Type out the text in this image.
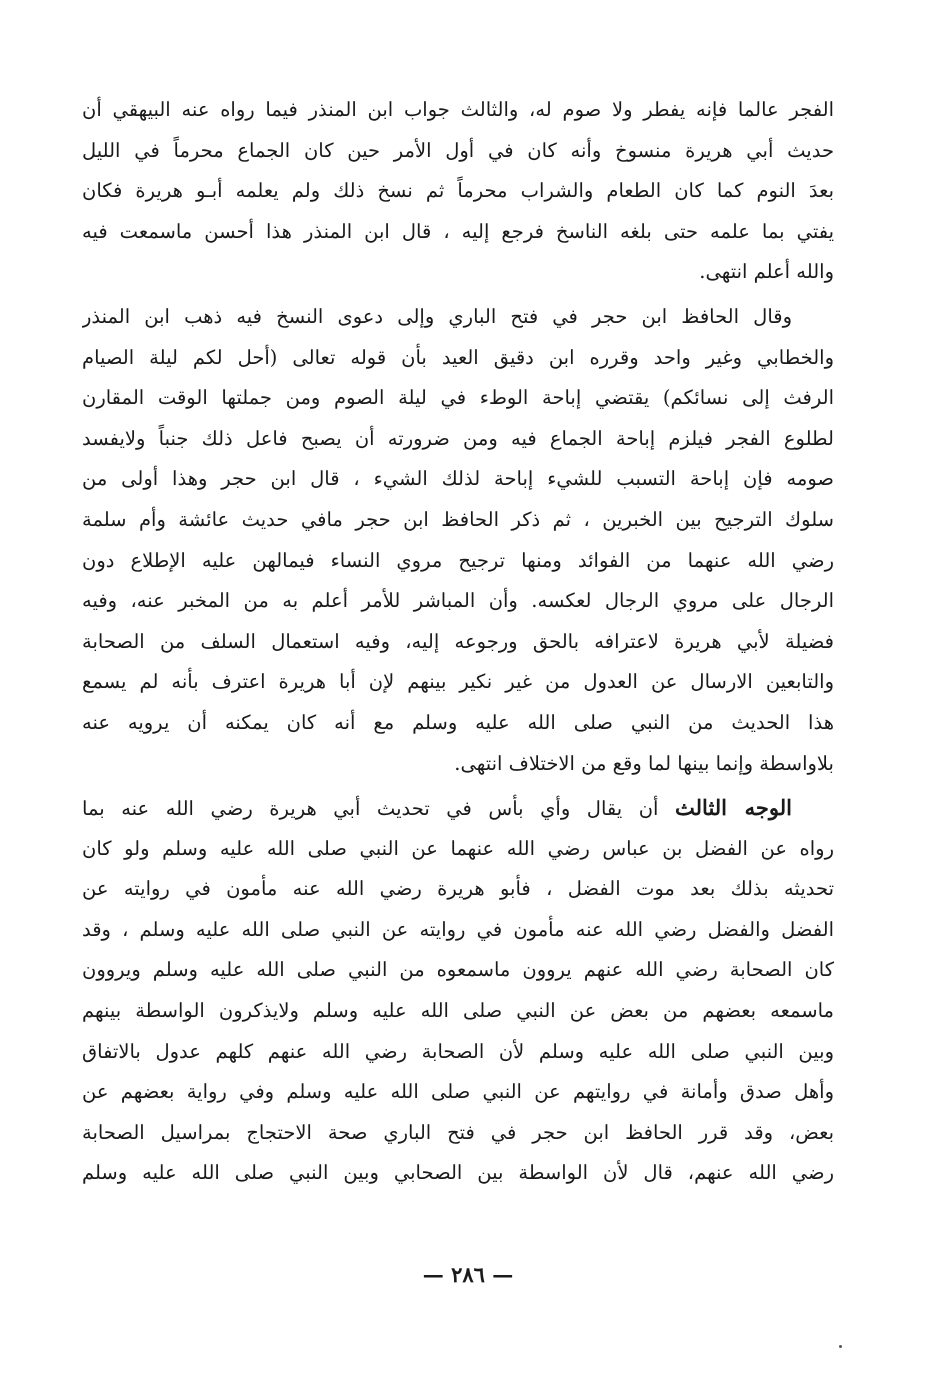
الفجر عالما فإنه يفطر ولا صوم له، والثالث جواب ابن المنذر فيما رواه عنه البيهقي أن
حديث أبي هريرة منسوخ وأنه كان في أول الأمر حين كان الجماع محرماً في الليل
بعدَ النوم كما كان الطعام والشراب محرماً ثم نسخ ذلك ولم يعلمه أبـو هريرة فكان
يفتي بما علمه حتى بلغه الناسخ فرجع إليه ، قال ابن المنذر هذا أحسن ماسمعت فيه
والله أعلم انتهى.
وقال الحافظ ابن حجر في فتح الباري وإلى دعوى النسخ فيه ذهب ابن المنذر
والخطابي وغير واحد وقرره ابن دقيق العيد بأن قوله تعالى (أحل لكم ليلة الصيام
الرفث إلى نسائكم) يقتضي إباحة الوطء في ليلة الصوم ومن جملتها الوقت المقارن
لطلوع الفجر فيلزم إباحة الجماع فيه ومن ضرورته أن يصبح فاعل ذلك جنباً ولايفسد
صومه فإن إباحة التسبب للشيء إباحة لذلك الشيء ، قال ابن حجر وهذا أولى من
سلوك الترجيح بين الخبرين ، ثم ذكر الحافظ ابن حجر مافي حديث عائشة وأم سلمة
رضي الله عنهما من الفوائد ومنها ترجيح مروي النساء فيمالهن عليه الإطلاع دون
الرجال على مروي الرجال لعكسه. وأن المباشر للأمر أعلم به من المخبر عنه، وفيه
فضيلة لأبي هريرة لاعترافه بالحق ورجوعه إليه، وفيه استعمال السلف من الصحابة
والتابعين الارسال عن العدول من غير نكير بينهم لإن أبا هريرة اعترف بأنه لم يسمع
هذا الحديث من النبي صلى الله عليه وسلم مع أنه كان يمكنه أن يرويه عنه
بلاواسطة وإنما بينها لما وقع من الاختلاف انتهى.
الوجه الثالث أن يقال وأي بأس في تحديث أبي هريرة رضي الله عنه بما
رواه عن الفضل بن عباس رضي الله عنهما عن النبي صلى الله عليه وسلم ولو كان
تحديثه بذلك بعد موت الفضل ، فأبو هريرة رضي الله عنه مأمون في روايته عن
الفضل والفضل رضي الله عنه مأمون في روايته عن النبي صلى الله عليه وسلم ، وقد
كان الصحابة رضي الله عنهم يروون ماسمعوه من النبي صلى الله عليه وسلم ويروون
ماسمعه بعضهم من بعض عن النبي صلى الله عليه وسلم ولايذكرون الواسطة بينهم
وبين النبي صلى الله عليه وسلم لأن الصحابة رضي الله عنهم كلهم عدول بالاتفاق
وأهل صدق وأمانة في روايتهم عن النبي صلى الله عليه وسلم وفي رواية بعضهم عن
بعض، وقد قرر الحافظ ابن حجر في فتح الباري صحة الاحتجاج بمراسيل الصحابة
رضي الله عنهم، قال لأن الواسطة بين الصحابي وبين النبي صلى الله عليه وسلم
— ٢٨٦ —
